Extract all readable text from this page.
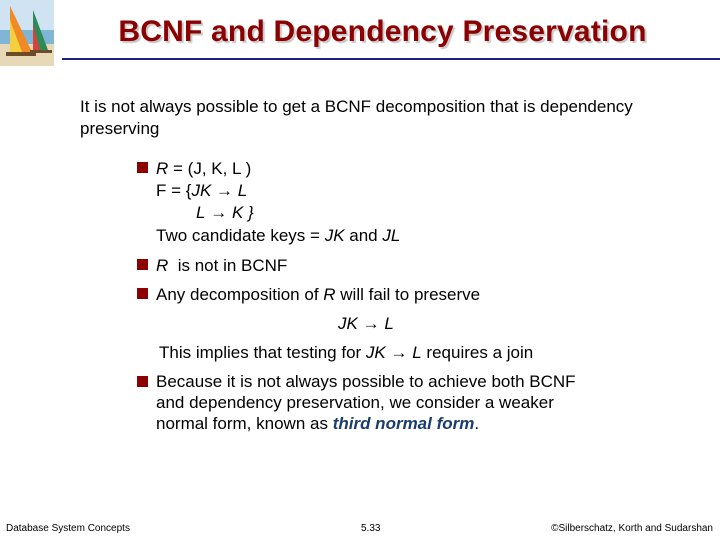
BCNF and Dependency Preservation
It is not always possible to get a BCNF decomposition that is dependency preserving
R = (J, K, L )
F = {JK → L
L → K }
Two candidate keys = JK and JL
R  is not in BCNF
Any decomposition of R will fail to preserve
JK → L
This implies that testing for JK → L requires a join
Because it is not always possible to achieve both BCNF
and dependency preservation, we consider a weaker
normal form, known as third normal form.
Database System Concepts	5.33	©Silberschatz, Korth and Sudarshan
